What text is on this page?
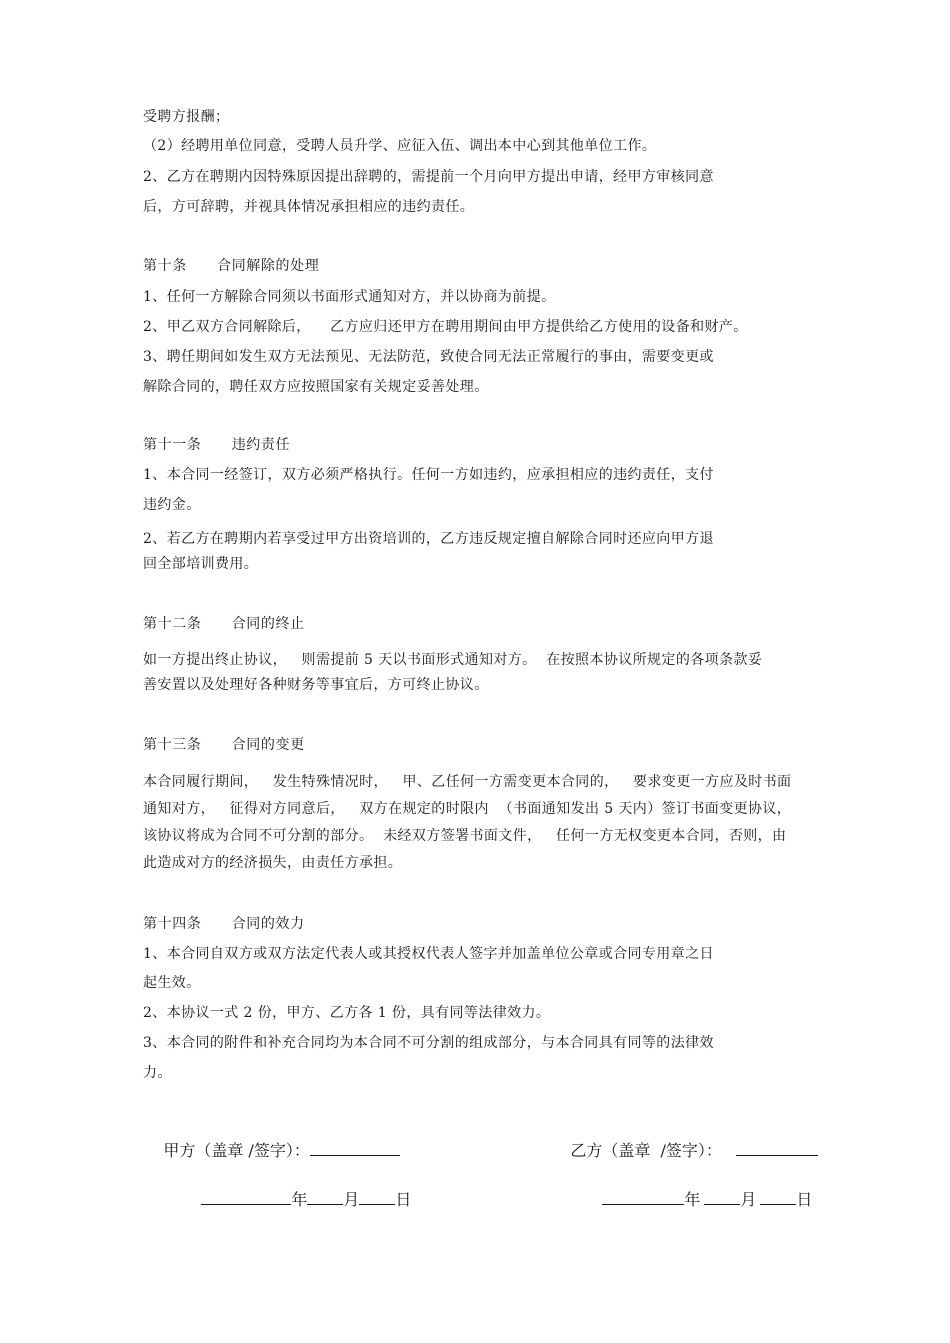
受聘方报酬；
（2）经聘用单位同意，受聘人员升学、应征入伍、调出本中心到其他单位工作。
2、乙方在聘期内因特殊原因提出辞聘的，需提前一个月向甲方提出申请，经甲方审核同意
后，方可辞聘，并视具体情况承担相应的违约责任。
第十条      合同解除的处理
1、任何一方解除合同须以书面形式通知对方，并以协商为前提。
2、甲乙双方合同解除后，    乙方应归还甲方在聘用期间由甲方提供给乙方使用的设备和财产。
3、聘任期间如发生双方无法预见、无法防范，致使合同无法正常履行的事由，需要变更或
解除合同的，聘任双方应按照国家有关规定妥善处理。
第十一条      违约责任
1、本合同一经签订，双方必须严格执行。任何一方如违约，应承担相应的违约责任，支付
违约金。
2、若乙方在聘期内若享受过甲方出资培训的，乙方违反规定擅自解除合同时还应向甲方退
回全部培训费用。
第十二条      合同的终止
如一方提出终止协议，   则需提前 5 天以书面形式通知对方。  在按照本协议所规定的各项条款妥
善安置以及处理好各种财务等事宜后，方可终止协议。
第十三条      合同的变更
本合同履行期间，   发生特殊情况时，   甲、乙任何一方需变更本合同的，   要求变更一方应及时书面
通知对方，   征得对方同意后，   双方在规定的时限内  （书面通知发出 5 天内）签订书面变更协议，
该协议将成为合同不可分割的部分。  未经双方签署书面文件，   任何一方无权变更本合同，否则，由
此造成对方的经济损失，由责任方承担。
第十四条      合同的效力
1、本合同自双方或双方法定代表人或其授权代表人签字并加盖单位公章或合同专用章之日
起生效。
2、本协议一式 2 份，甲方、乙方各 1 份，具有同等法律效力。
3、本合同的附件和补充合同均为本合同不可分割的组成部分，与本合同具有同等的法律效
力。

甲方（盖章 /签字）：
	乙方（盖章  /签字）：

年 月 日
	年	月	日
